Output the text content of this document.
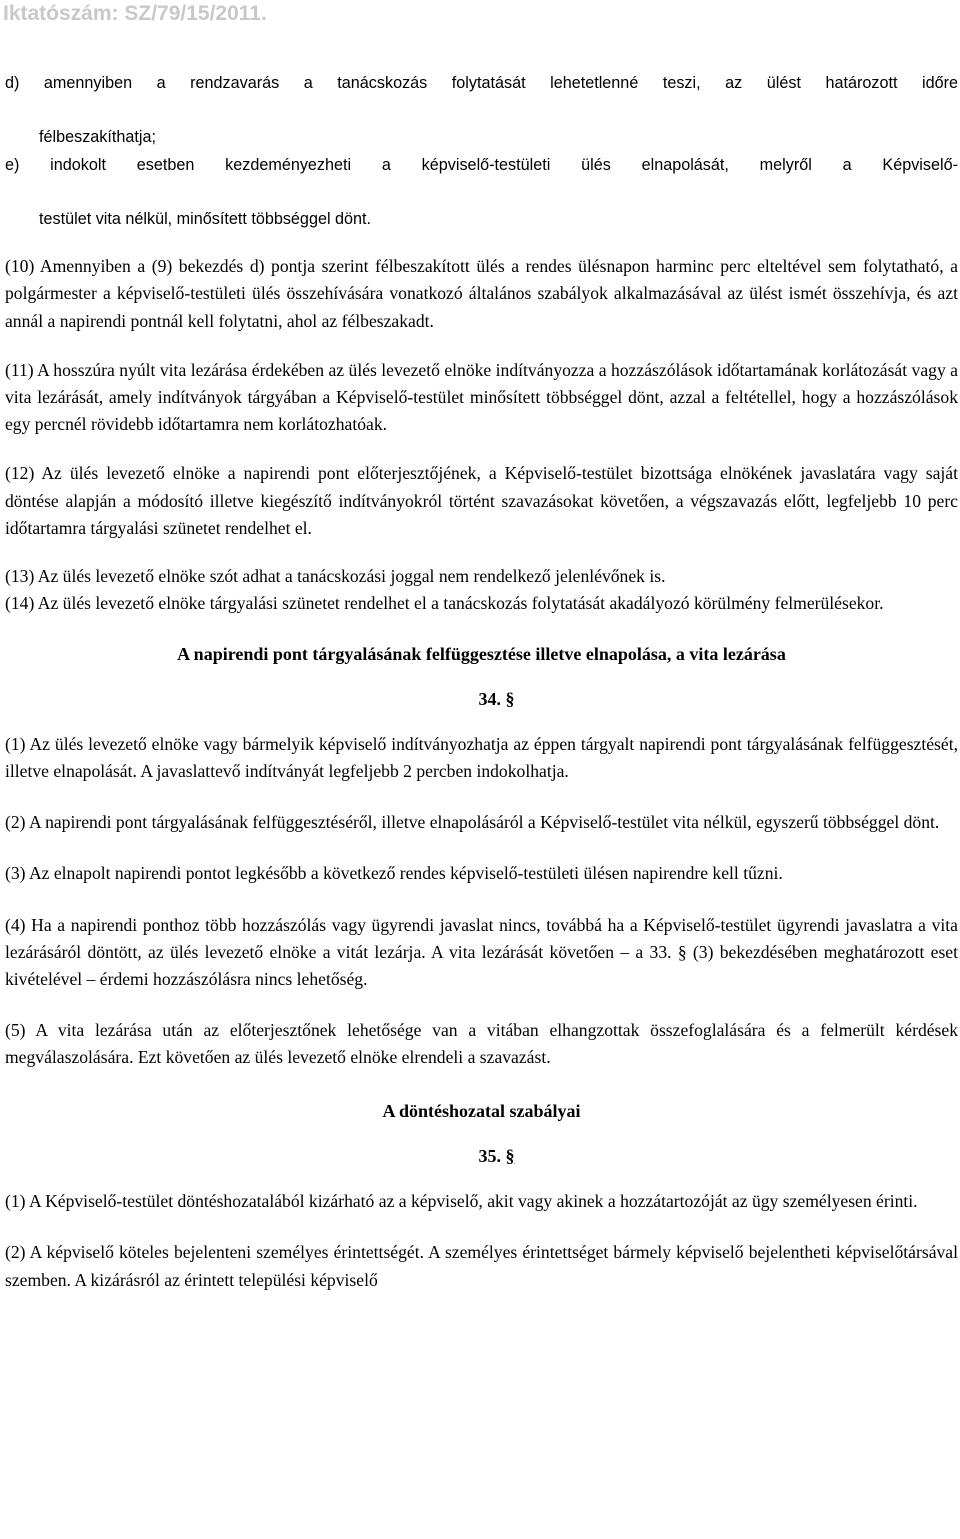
Iktatószám: SZ/79/15/2011.

d) amennyiben a rendzavarás a tanácskozás folytatását lehetetlenné teszi, az ülést határozott időre

félbeszakíthatja;

e) indokolt esetben kezdeményezheti a képviselő-testületi ülés elnapolását, melyről a Képviselő-

testület vita nélkül, minősített többséggel dönt.

(10) Amennyiben a (9) bekezdés d) pontja szerint félbeszakított ülés a rendes ülésnapon harminc perc elteltével sem folytatható, a polgármester a képviselő-testületi ülés összehívására vonatkozó általános szabályok alkalmazásával az ülést ismét összehívja, és azt annál a napirendi pontnál kell folytatni, ahol az félbeszakadt.

(11) A hosszúra nyúlt vita lezárása érdekében az ülés levezető elnöke indítványozza a hozzászólások időtartamának korlátozását vagy a vita lezárását, amely indítványok tárgyában a Képviselő-testület minősített többséggel dönt, azzal a feltétellel, hogy a hozzászólások egy percnél rövidebb időtartamra nem korlátozhatóak.

(12) Az ülés levezető elnöke a napirendi pont előterjesztőjének, a Képviselő-testület bizottsága elnökének javaslatára vagy saját döntése alapján a módosító illetve kiegészítő indítványokról történt szavazásokat követően, a végszavazás előtt, legfeljebb 10 perc időtartamra tárgyalási szünetet rendelhet el.

(13) Az ülés levezető elnöke szót adhat a tanácskozási joggal nem rendelkező jelenlévőnek is.

(14) Az ülés levezető elnöke tárgyalási szünetet rendelhet el a tanácskozás folytatását akadályozó körülmény felmerülésekor.

A napirendi pont tárgyalásának felfüggesztése illetve elnapolása, a vita lezárása

34. §

(1) Az ülés levezető elnöke vagy bármelyik képviselő indítványozhatja az éppen tárgyalt napirendi pont tárgyalásának felfüggesztését, illetve elnapolását. A javaslattevő indítványát legfeljebb 2 percben indokolhatja.

(2) A napirendi pont tárgyalásának felfüggesztéséről, illetve elnapolásáról a Képviselő-testület vita nélkül, egyszerű többséggel dönt.

(3) Az elnapolt napirendi pontot legkésőbb a következő rendes képviselő-testületi ülésen napirendre kell tűzni.

(4) Ha a napirendi ponthoz több hozzászólás vagy ügyrendi javaslat nincs, továbbá ha a Képviselő-testület ügyrendi javaslatra a vita lezárásáról döntött, az ülés levezető elnöke a vitát lezárja. A vita lezárását követően – a 33. § (3) bekezdésében meghatározott eset kivételével – érdemi hozzászólásra nincs lehetőség.

(5) A vita lezárása után az előterjesztőnek lehetősége van a vitában elhangzottak összefoglalására és a felmerült kérdések megválaszolására. Ezt követően az ülés levezető elnöke elrendeli a szavazást.

A döntéshozatal szabályai

35. §

(1) A Képviselő-testület döntéshozatalából kizárható az a képviselő, akit vagy akinek a hozzátartozóját az ügy személyesen érinti.

(2) A képviselő köteles bejelenteni személyes érintettségét. A személyes érintettséget bármely képviselő bejelentheti képviselőtársával szemben. A kizárásról az érintett települési képviselő
